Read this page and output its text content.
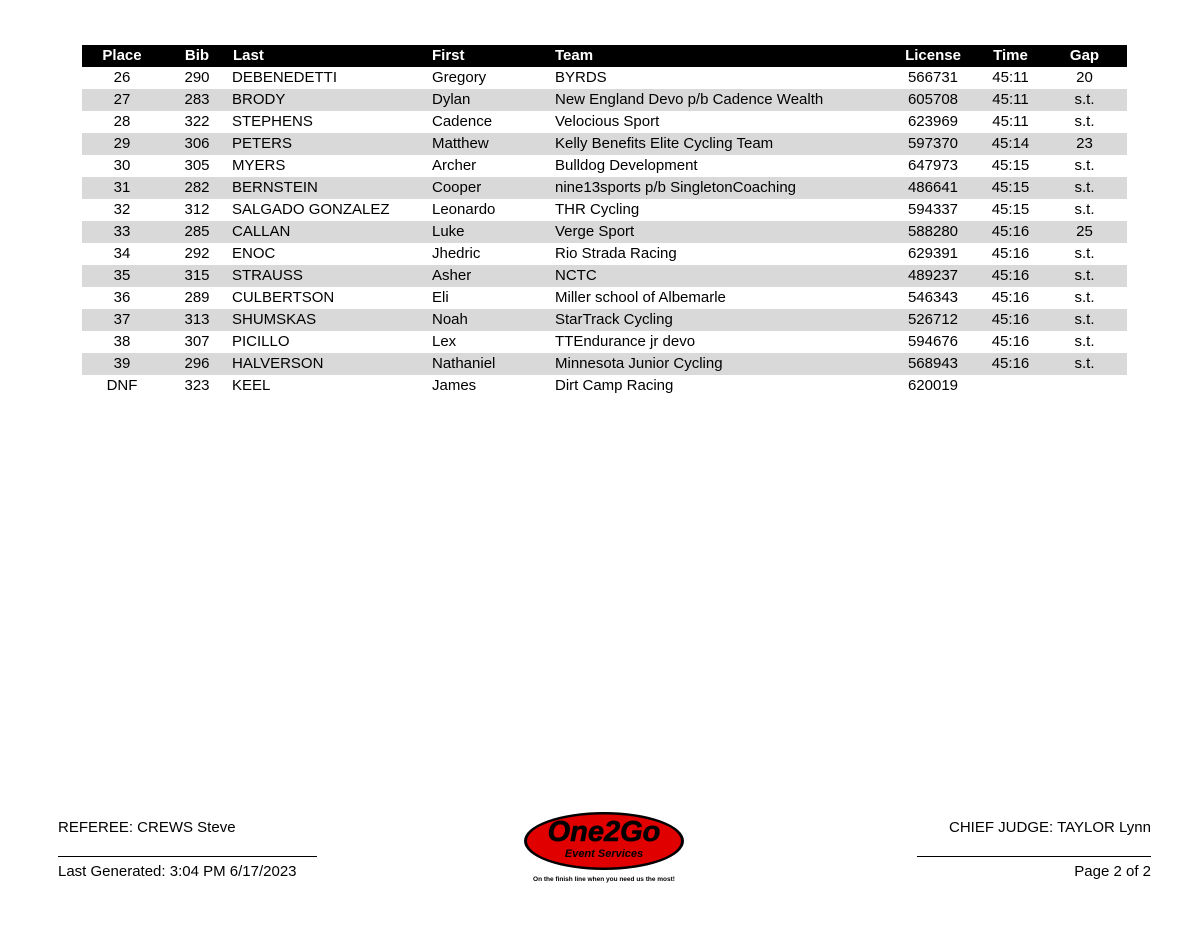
Place	Bib	Last	First	Team	License	Time	Gap
26	290	DEBENEDETTI	Gregory	BYRDS	566731	45:11	20
27	283	BRODY	Dylan	New England Devo p/b Cadence Wealth	605708	45:11	s.t.
28	322	STEPHENS	Cadence	Velocious Sport	623969	45:11	s.t.
29	306	PETERS	Matthew	Kelly Benefits Elite Cycling Team	597370	45:14	23
30	305	MYERS	Archer	Bulldog Development	647973	45:15	s.t.
31	282	BERNSTEIN	Cooper	nine13sports p/b SingletonCoaching	486641	45:15	s.t.
32	312	SALGADO GONZALEZ	Leonardo	THR Cycling	594337	45:15	s.t.
33	285	CALLAN	Luke	Verge Sport	588280	45:16	25
34	292	ENOC	Jhedric	Rio Strada Racing	629391	45:16	s.t.
35	315	STRAUSS	Asher	NCTC	489237	45:16	s.t.
36	289	CULBERTSON	Eli	Miller school of Albemarle	546343	45:16	s.t.
37	313	SHUMSKAS	Noah	StarTrack Cycling	526712	45:16	s.t.
38	307	PICILLO	Lex	TTEndurance jr devo	594676	45:16	s.t.
39	296	HALVERSON	Nathaniel	Minnesota Junior Cycling	568943	45:16	s.t.
DNF	323	KEEL	James	Dirt Camp Racing	620019		
REFEREE: CREWS Steve
Last Generated: 3:04 PM 6/17/2023
CHIEF JUDGE: TAYLOR Lynn
Page 2 of 2
One2Go
Event Services
On the finish line when you need us the most!
